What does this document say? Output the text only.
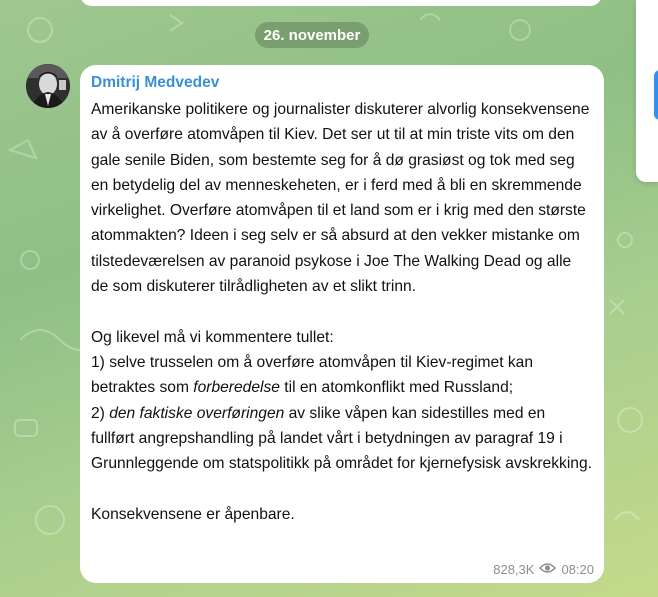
26. november
Dmitrij Medvedev
Amerikanske politikere og journalister diskuterer alvorlig konsekvensene av å overføre atomvåpen til Kiev. Det ser ut til at min triste vits om den gale senile Biden, som bestemte seg for å dø grasiøst og tok med seg en betydelig del av menneskeheten, er i ferd med å bli en skremmende virkelighet. Overføre atomvåpen til et land som er i krig med den største atommakten? Ideen i seg selv er så absurd at den vekker mistanke om tilstedeværelsen av paranoid psykose i Joe The Walking Dead og alle de som diskuterer tilrådligheten av et slikt trinn.

Og likevel må vi kommentere tullet:
1) selve trusselen om å overføre atomvåpen til Kiev-regimet kan betraktes som forberedelse til en atomkonflikt med Russland;
2) den faktiske overføringen av slike våpen kan sidestilles med en fullført angrepshandling på landet vårt i betydningen av paragraf 19 i Grunnleggende om statspolitikk på området for kjernefysisk avskrekking.

Konsekvensene er åpenbare.
828,3K 08:20
